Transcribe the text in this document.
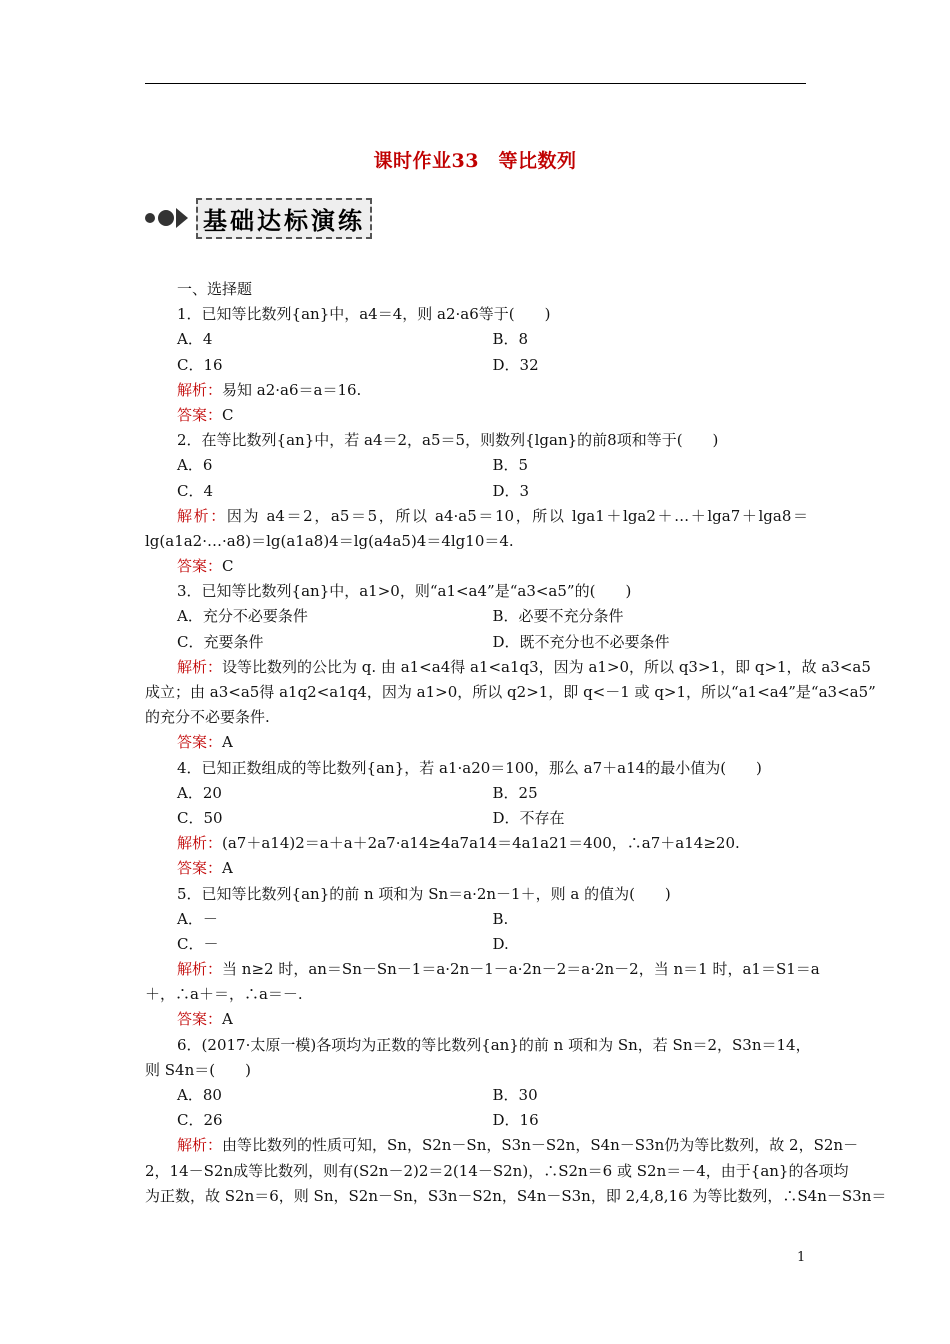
课时作业33　等比数列
基础达标演练
一、选择题
1．已知等比数列{an}中，a4＝4，则 a2·a6等于(　　)
A．4	B．8
C．16	D．32
解析：易知 a2·a6＝a＝16.
答案：C
2．在等比数列{an}中，若 a4＝2，a5＝5，则数列{lgan}的前8项和等于(　　)
A．6	B．5
C．4	D．3
解析：因为 a4＝2，a5＝5，所以 a4·a5＝10，所以 lga1＋lga2＋…＋lga7＋lga8＝
lg(a1a2·…·a8)＝lg(a1a8)4＝lg(a4a5)4＝4lg10＝4.
答案：C
3．已知等比数列{an}中，a1>0，则“a1<a4”是“a3<a5”的(　　)
A．充分不必要条件	B．必要不充分条件
C．充要条件	D．既不充分也不必要条件
解析：设等比数列的公比为 q. 由 a1<a4得 a1<a1q3，因为 a1>0，所以 q3>1，即 q>1，故 a3<a5
成立；由 a3<a5得 a1q2<a1q4，因为 a1>0，所以 q2>1，即 q<－1 或 q>1，所以“a1<a4”是“a3<a5”
的充分不必要条件.
答案：A
4．已知正数组成的等比数列{an}，若 a1·a20＝100，那么 a7＋a14的最小值为(　　)
A．20	B．25
C．50	D．不存在
解析：(a7＋a14)2＝a＋a＋2a7·a14≥4a7a14＝4a1a21＝400，∴a7＋a14≥20.
答案：A
5．已知等比数列{an}的前 n 项和为 Sn＝a·2n－1＋，则 a 的值为(　　)
A．－	B.
C．－	D.
解析：当 n≥2 时，an＝Sn－Sn－1＝a·2n－1－a·2n－2＝a·2n－2，当 n＝1 时，a1＝S1＝a
＋，∴a＋＝，∴a＝－.
答案：A
6．(2017·太原一模)各项均为正数的等比数列{an}的前 n 项和为 Sn，若 Sn＝2，S3n＝14，
则 S4n＝(　　)
A．80	B．30
C．26	D．16
解析：由等比数列的性质可知，Sn，S2n－Sn，S3n－S2n，S4n－S3n仍为等比数列，故 2，S2n－
2，14－S2n成等比数列，则有(S2n－2)2＝2(14－S2n)，∴S2n＝6 或 S2n＝－4，由于{an}的各项均
为正数，故 S2n＝6，则 Sn，S2n－Sn，S3n－S2n，S4n－S3n，即 2,4,8,16 为等比数列，∴S4n－S3n＝
1
